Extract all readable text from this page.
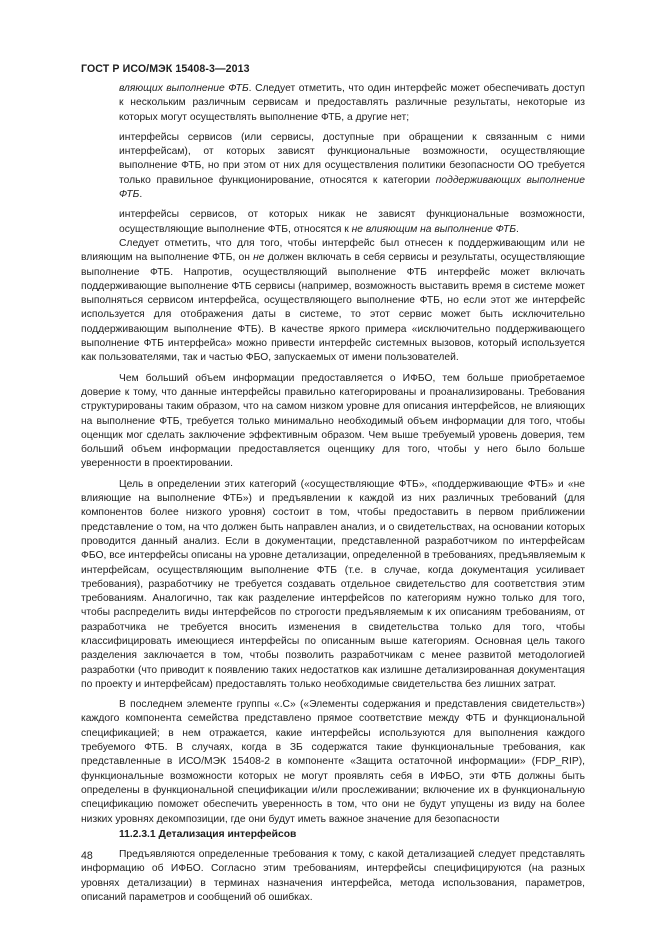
ГОСТ Р ИСО/МЭК 15408-3—2013

вляющих выполнение ФТБ. Следует отметить, что один интерфейс может обеспечивать доступ к нескольким различным сервисам и предоставлять различные результаты, некоторые из которых могут осуществлять выполнение ФТБ, а другие нет;

интерфейсы сервисов (или сервисы, доступные при обращении к связанным с ними интерфейсам), от которых зависят функциональные возможности, осуществляющие выполнение ФТБ, но при этом от них для осуществления политики безопасности ОО требуется только правильное функционирование, относятся к категории поддерживающих выполнение ФТБ.

интерфейсы сервисов, от которых никак не зависят функциональные возможности, осуществляющие выполнение ФТБ, относятся к не влияющим на выполнение ФТБ.

Следует отметить, что для того, чтобы интерфейс был отнесен к поддерживающим или не влияющим на выполнение ФТБ, он не должен включать в себя сервисы и результаты, осуществляющие выполнение ФТБ. Напротив, осуществляющий выполнение ФТБ интерфейс может включать поддерживающие выполнение ФТБ сервисы (например, возможность выставить время в системе может выполняться сервисом интерфейса, осуществляющего выполнение ФТБ, но если этот же интерфейс используется для отображения даты в системе, то этот сервис может быть исключительно поддерживающим выполнение ФТБ). В качестве яркого примера «исключительно поддерживающего выполнение ФТБ интерфейса» можно привести интерфейс системных вызовов, который используется как пользователями, так и частью ФБО, запускаемых от имени пользователей.

Чем больший объем информации предоставляется о ИФБО, тем больше приобретаемое доверие к тому, что данные интерфейсы правильно категорированы и проанализированы. Требования структурированы таким образом, что на самом низком уровне для описания интерфейсов, не влияющих на выполнение ФТБ, требуется только минимально необходимый объем информации для того, чтобы оценщик мог сделать заключение эффективным образом. Чем выше требуемый уровень доверия, тем больший объем информации предоставляется оценщику для того, чтобы у него было больше уверенности в проектировании.

Цель в определении этих категорий («осуществляющие ФТБ», «поддерживающие ФТБ» и «не влияющие на выполнение ФТБ») и предъявлении к каждой из них различных требований (для компонентов более низкого уровня) состоит в том, чтобы предоставить в первом приближении представление о том, на что должен быть направлен анализ, и о свидетельствах, на основании которых проводится данный анализ. Если в документации, представленной разработчиком по интерфейсам ФБО, все интерфейсы описаны на уровне детализации, определенной в требованиях, предъявляемым к интерфейсам, осуществляющим выполнение ФТБ (т.е. в случае, когда документация усиливает требования), разработчику не требуется создавать отдельное свидетельство для соответствия этим требованиям. Аналогично, так как разделение интерфейсов по категориям нужно только для того, чтобы распределить виды интерфейсов по строгости предъявляемым к их описаниям требованиям, от разработчика не требуется вносить изменения в свидетельства только для того, чтобы классифицировать имеющиеся интерфейсы по описанным выше категориям. Основная цель такого разделения заключается в том, чтобы позволить разработчикам с менее развитой методологией разработки (что приводит к появлению таких недостатков как излишне детализированная документация по проекту и интерфейсам) предоставлять только необходимые свидетельства без лишних затрат.

В последнем элементе группы «.С» («Элементы содержания и представления свидетельств») каждого компонента семейства представлено прямое соответствие между ФТБ и функциональной спецификацией; в нем отражается, какие интерфейсы используются для выполнения каждого требуемого ФТБ. В случаях, когда в ЗБ содержатся такие функциональные требования, как представленные в ИСО/МЭК 15408-2 в компоненте «Защита остаточной информации» (FDP_RIP), функциональные возможности которых не могут проявлять себя в ИФБО, эти ФТБ должны быть определены в функциональной спецификации и/или прослеживании; включение их в функциональную спецификацию поможет обеспечить уверенность в том, что они не будут упущены из виду на более низких уровнях декомпозиции, где они будут иметь важное значение для безопасности

11.2.3.1 Детализация интерфейсов

Предъявляются определенные требования к тому, с какой детализацией следует представлять информацию об ИФБО. Согласно этим требованиям, интерфейсы специфицируются (на разных уровнях детализации) в терминах назначения интерфейса, метода использования, параметров, описаний параметров и сообщений об ошибках.

48
